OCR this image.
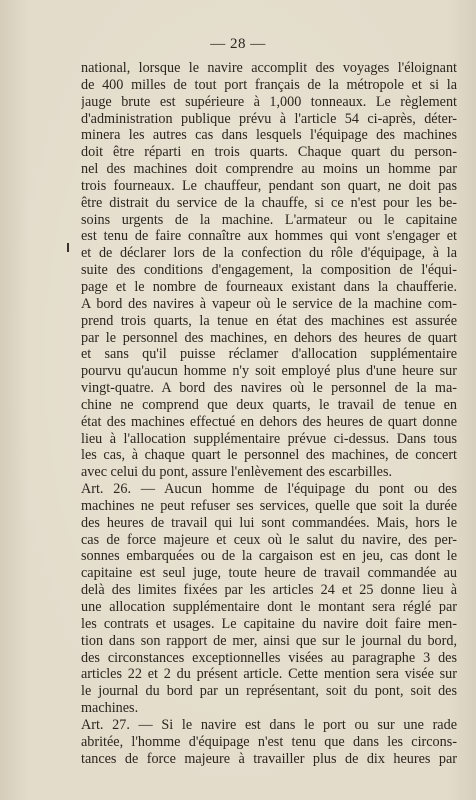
— 28 —
national, lorsque le navire accomplit des voyages l'éloignant
de 400 milles de tout port français de la métropole et si la
jauge brute est supérieure à 1,000 tonneaux. Le règlement
d'administration publique prévu à l'article 54 ci-après, déter-
minera les autres cas dans lesquels l'équipage des machines
doit être réparti en trois quarts. Chaque quart du person-
nel des machines doit comprendre au moins un homme par
trois fourneaux. Le chauffeur, pendant son quart, ne doit pas
être distrait du service de la chauffe, si ce n'est pour les be-
soins urgents de la machine. L'armateur ou le capitaine
est tenu de faire connaître aux hommes qui vont s'engager et
et de déclarer lors de la confection du rôle d'équipage, à la
suite des conditions d'engagement, la composition de l'équi-
page et le nombre de fourneaux existant dans la chaufferie.
A bord des navires à vapeur où le service de la machine com-
prend trois quarts, la tenue en état des machines est assurée
par le personnel des machines, en dehors des heures de quart
et sans qu'il puisse réclamer d'allocation supplémentaire
pourvu qu'aucun homme n'y soit employé plus d'une heure sur
vingt-quatre. A bord des navires où le personnel de la ma-
chine ne comprend que deux quarts, le travail de tenue en
état des machines effectué en dehors des heures de quart donne
lieu à l'allocation supplémentaire prévue ci-dessus. Dans tous
les cas, à chaque quart le personnel des machines, de concert
avec celui du pont, assure l'enlèvement des escarbilles.
Art. 26. — Aucun homme de l'équipage du pont ou des
machines ne peut refuser ses services, quelle que soit la durée
des heures de travail qui lui sont commandées. Mais, hors le
cas de force majeure et ceux où le salut du navire, des per-
sonnes embarquées ou de la cargaison est en jeu, cas dont le
capitaine est seul juge, toute heure de travail commandée au
delà des limites fixées par les articles 24 et 25 donne lieu à
une allocation supplémentaire dont le montant sera réglé par
les contrats et usages. Le capitaine du navire doit faire men-
tion dans son rapport de mer, ainsi que sur le journal du bord,
des circonstances exceptionnelles visées au paragraphe 3 des
articles 22 et 2 du présent article. Cette mention sera visée sur
le journal du bord par un représentant, soit du pont, soit des
machines.
Art. 27. — Si le navire est dans le port ou sur une rade
abritée, l'homme d'équipage n'est tenu que dans les circons-
tances de force majeure à travailler plus de dix heures par
